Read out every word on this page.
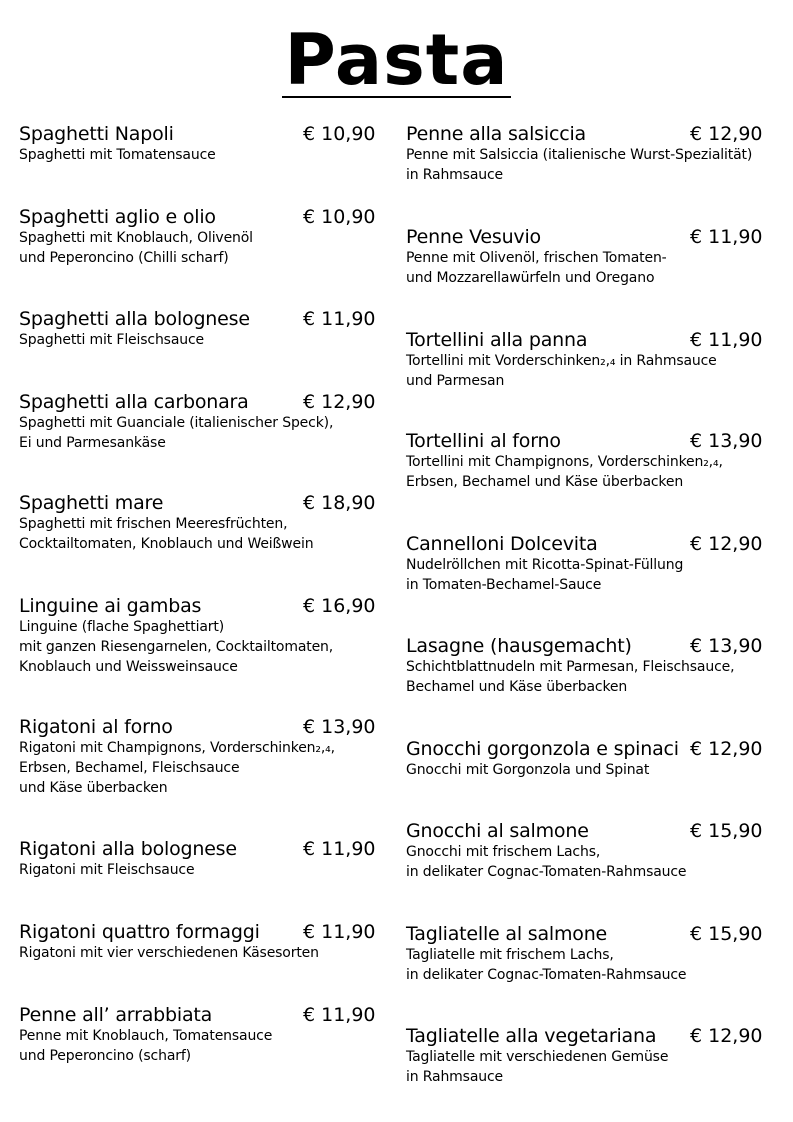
Pasta
Spaghetti Napoli	€ 10,90
Spaghetti mit Tomatensauce
Spaghetti aglio e olio	€ 10,90
Spaghetti mit Knoblauch, Olivenöl
und Peperoncino (Chilli scharf)
Spaghetti alla bolognese	€ 11,90
Spaghetti mit Fleischsauce
Spaghetti alla carbonara	€ 12,90
Spaghetti mit Guanciale (italienischer Speck),
Ei und Parmesankäse
Spaghetti mare	€ 18,90
Spaghetti mit frischen Meeresfrüchten,
Cocktailtomaten, Knoblauch und Weißwein
Linguine ai gambas	€ 16,90
Linguine (flache Spaghettiart)
mit ganzen Riesengarnelen, Cocktailtomaten,
Knoblauch und Weissweinsauce
Rigatoni al forno	€ 13,90
Rigatoni mit Champignons, Vorderschinken₂,₄,
Erbsen, Bechamel, Fleischsauce
und Käse überbacken
Rigatoni alla bolognese	€ 11,90
Rigatoni mit Fleischsauce
Rigatoni quattro formaggi	€ 11,90
Rigatoni mit vier verschiedenen Käsesorten
Penne all’ arrabbiata	€ 11,90
Penne mit Knoblauch, Tomatensauce
und Peperoncino (scharf)
Penne alla salsiccia	€ 12,90
Penne mit Salsiccia (italienische Wurst-Spezialität)
in Rahmsauce
Penne Vesuvio	€ 11,90
Penne mit Olivenöl, frischen Tomaten-
und Mozzarellawürfeln und Oregano
Tortellini alla panna	€ 11,90
Tortellini mit Vorderschinken₂,₄ in Rahmsauce
und Parmesan
Tortellini al forno	€ 13,90
Tortellini mit Champignons, Vorderschinken₂,₄,
Erbsen, Bechamel und Käse überbacken
Cannelloni Dolcevita	€ 12,90
Nudelröllchen mit Ricotta-Spinat-Füllung
in Tomaten-Bechamel-Sauce
Lasagne (hausgemacht)	€ 13,90
Schichtblattnudeln mit Parmesan, Fleischsauce,
Bechamel und Käse überbacken
Gnocchi gorgonzola e spinaci € 12,90
Gnocchi mit Gorgonzola und Spinat
Gnocchi al salmone	€ 15,90
Gnocchi mit frischem Lachs,
in delikater Cognac-Tomaten-Rahmsauce
Tagliatelle al salmone	€ 15,90
Tagliatelle mit frischem Lachs,
in delikater Cognac-Tomaten-Rahmsauce
Tagliatelle alla vegetariana	€ 12,90
Tagliatelle mit verschiedenen Gemüse
in Rahmsauce
